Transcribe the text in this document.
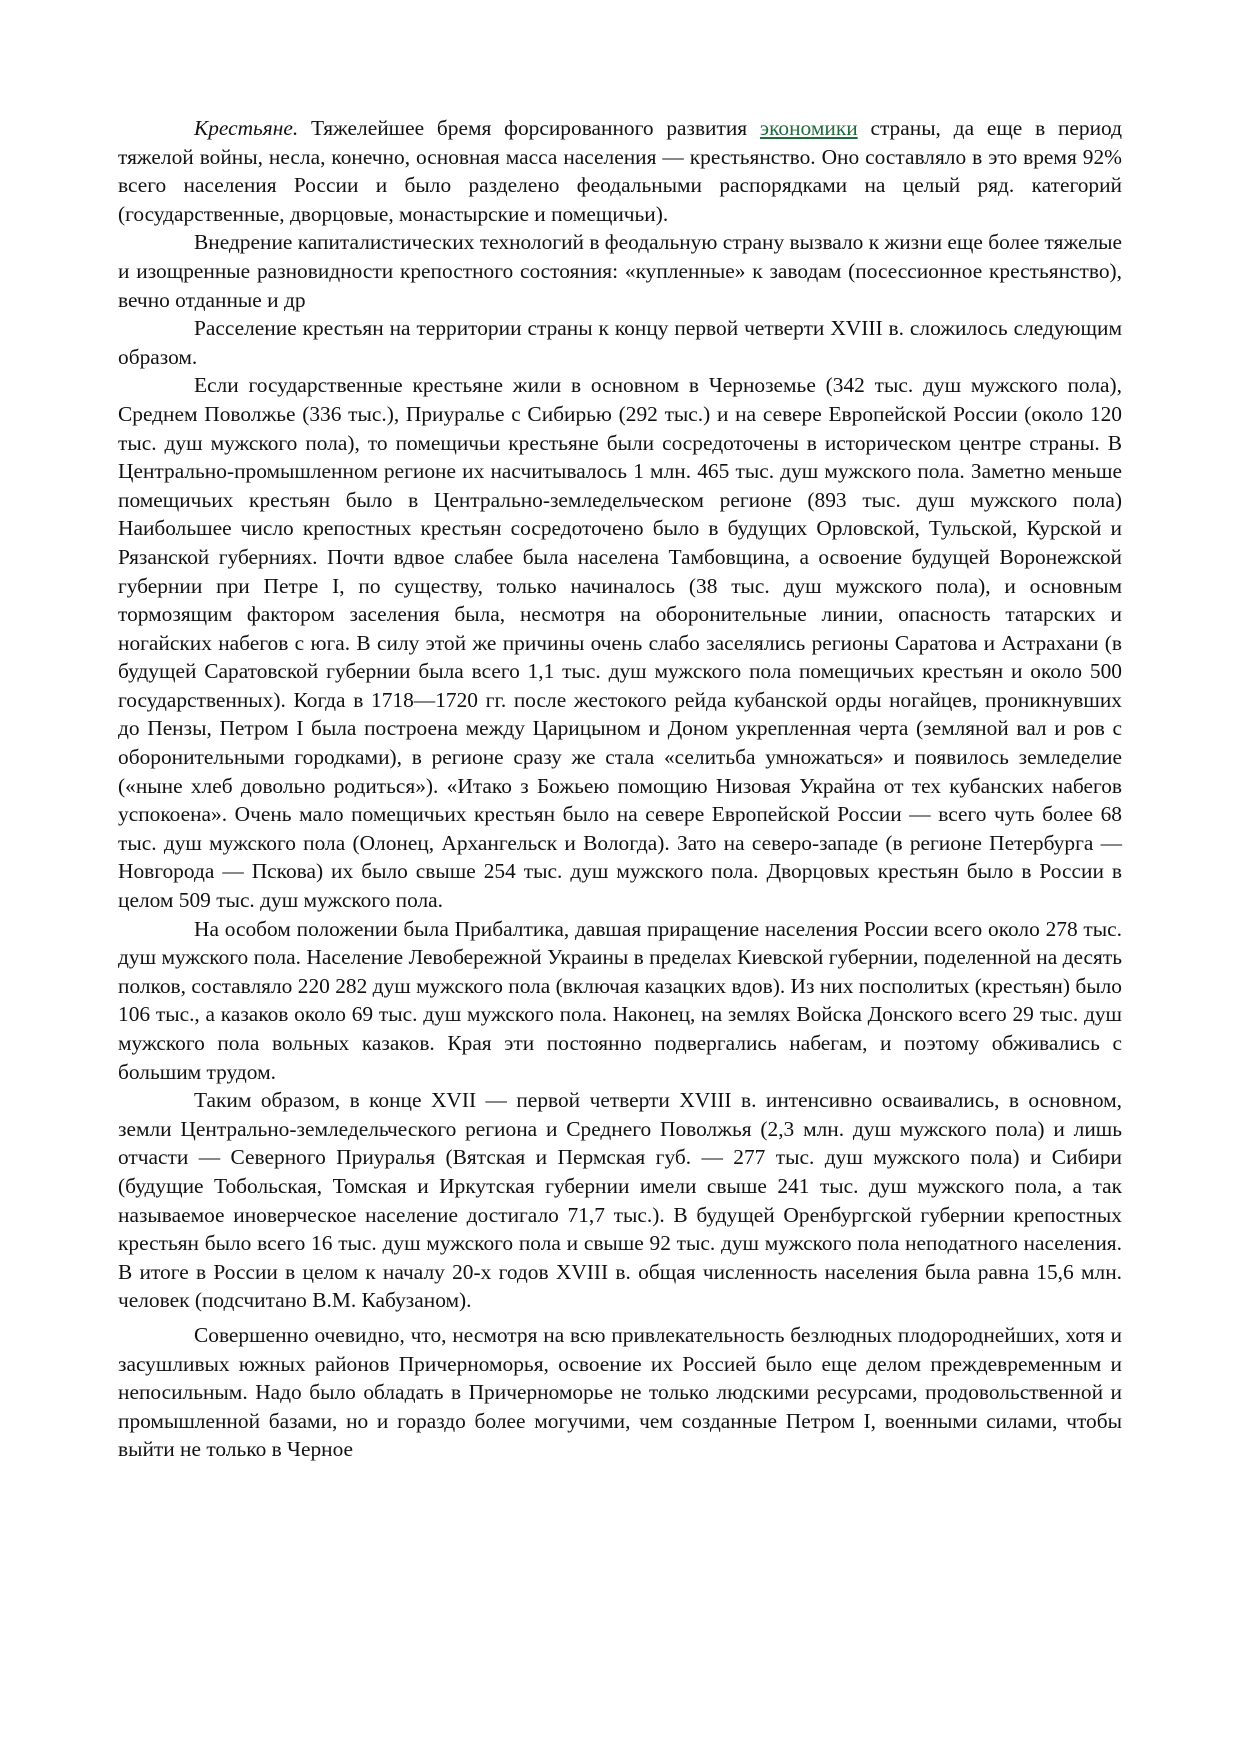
Крестьяне. Тяжелейшее бремя форсированного развития экономики страны, да еще в период тяжелой войны, несла, конечно, основная масса населения — крестьянство. Оно составляло в это время 92% всего населения России и было разделено феодальными распорядками на целый ряд. категорий (государственные, дворцовые, монастырские и помещичьи).

Внедрение капиталистических технологий в феодальную страну вызвало к жизни еще более тяжелые и изощренные разновидности крепостного состояния: «купленные» к заводам (посессионное крестьянство), вечно отданные и др

Расселение крестьян на территории страны к концу первой четверти XVIII в. сложилось следующим образом.

Если государственные крестьяне жили в основном в Черноземье (342 тыс. душ мужского пола), Среднем Поволжье (336 тыс.), Приуралье с Сибирью (292 тыс.) и на севере Европейской России (около 120 тыс. душ мужского пола), то помещичьи крестьяне были сосредоточены в историческом центре страны. В Центрально-промышленном регионе их насчитывалось 1 млн. 465 тыс. душ мужского пола. Заметно меньше помещичьих крестьян было в Центрально-земледельческом регионе (893 тыс. душ мужского пола) Наибольшее число крепостных крестьян сосредоточено было в будущих Орловской, Тульской, Курской и Рязанской губерниях. Почти вдвое слабее была населена Тамбовщина, а освоение будущей Воронежской губернии при Петре I, по существу, только начиналось (38 тыс. душ мужского пола), и основным тормозящим фактором заселения была, несмотря на оборонительные линии, опасность татарских и ногайских набегов с юга. В силу этой же причины очень слабо заселялись регионы Саратова и Астрахани (в будущей Саратовской губернии была всего 1,1 тыс. душ мужского пола помещичьих крестьян и около 500 государственных). Когда в 1718—1720 гг. после жестокого рейда кубанской орды ногайцев, проникнувших до Пензы, Петром I была построена между Царицыном и Доном укрепленная черта (земляной вал и ров с оборонительными городками), в регионе сразу же стала «селитьба умножаться» и появилось земледелие («ныне хлеб довольно родиться»). «Итако з Божьею помощию Низовая Украйна от тех кубанских набегов успокоена». Очень мало помещичьих крестьян было на севере Европейской России — всего чуть более 68 тыс. душ мужского пола (Олонец, Архангельск и Вологда). Зато на северо-западе (в регионе Петербурга — Новгорода — Пскова) их было свыше 254 тыс. душ мужского пола. Дворцовых крестьян было в России в целом 509 тыс. душ мужского пола.

На особом положении была Прибалтика, давшая приращение населения России всего около 278 тыс. душ мужского пола. Население Левобережной Украины в пределах Киевской губернии, поделенной на десять полков, составляло 220 282 душ мужского пола (включая казацких вдов). Из них посполитых (крестьян) было 106 тыс., а казаков около 69 тыс. душ мужского пола. Наконец, на землях Войска Донского всего 29 тыс. душ мужского пола вольных казаков. Края эти постоянно подвергались набегам, и поэтому обживались с большим трудом.

Таким образом, в конце XVII — первой четверти XVIII в. интенсивно осваивались, в основном, земли Центрально-земледельческого региона и Среднего Поволжья (2,3 млн. душ мужского пола) и лишь отчасти — Северного Приуралья (Вятская и Пермская губ. — 277 тыс. душ мужского пола) и Сибири (будущие Тобольская, Томская и Иркутская губернии имели свыше 241 тыс. душ мужского пола, а так называемое иноверческое население достигало 71,7 тыс.). В будущей Оренбургской губернии крепостных крестьян было всего 16 тыс. душ мужского пола и свыше 92 тыс. душ мужского пола неподатного населения. В итоге в России в целом к началу 20-х годов XVIII в. общая численность населения была равна 15,6 млн. человек (подсчитано В.М. Кабузаном).

Совершенно очевидно, что, несмотря на всю привлекательность безлюдных плодороднейших, хотя и засушливых южных районов Причерноморья, освоение их Россией было еще делом преждевременным и непосильным. Надо было обладать в Причерноморье не только людскими ресурсами, продовольственной и промышленной базами, но и гораздо более могучими, чем созданные Петром I, военными силами, чтобы выйти не только в Черное
